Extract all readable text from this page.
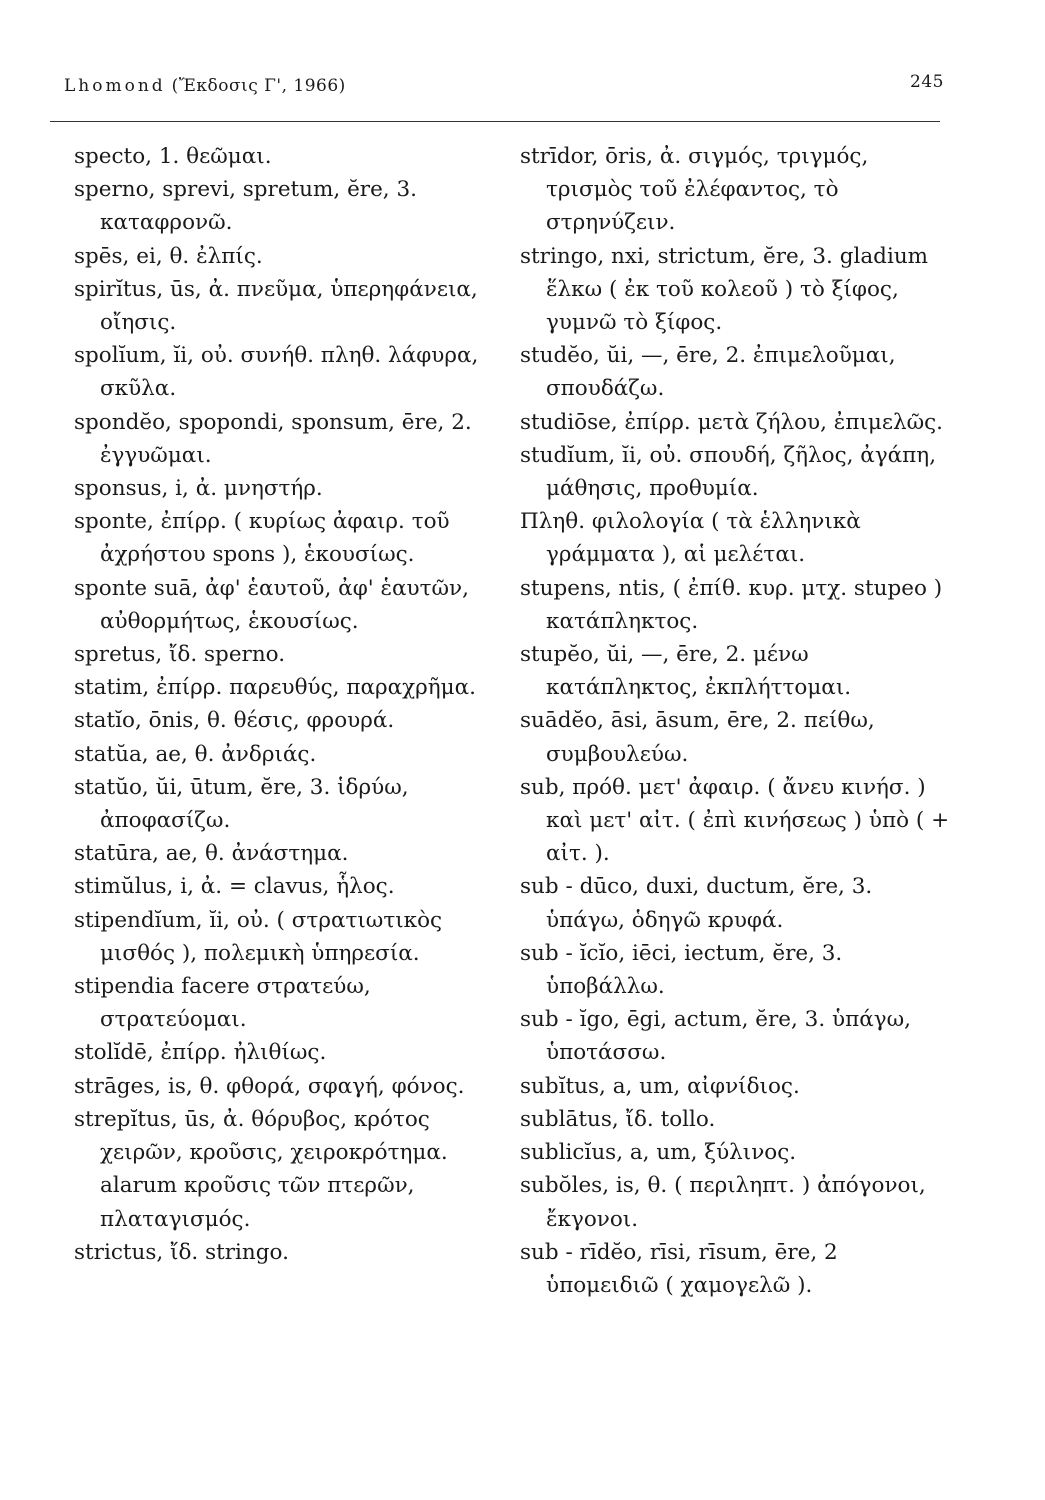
Lhomond (Ἔκδοσις Γ', 1966)	245

specto, 1. θεῶμαι.

sperno, sprevi, spretum, ĕre, 3. καταφρονῶ.

spēs, ei, θ. ἐλπίς.

spirĭtus, ūs, ἀ. πνεῦμα, ὑπερηφάνεια, οἴησις.

spolĭum, ĭi, οὐ. συνήθ. πληθ. λάφυρα, σκῦλα.

spondĕo, spopondi, sponsum, ēre, 2. ἐγγυῶμαι.

sponsus, i, ἀ. μνηστήρ.

sponte, ἐπίρρ. ( κυρίως ἀφαιρ. τοῦ ἀχρήστου spons ), ἑκουσίως.

sponte suā, ἀφ' ἑαυτοῦ, ἀφ' ἑαυτῶν, αὐθορμήτως, ἑκουσίως.

spretus, ἴδ. sperno.

statim, ἐπίρρ. παρευθύς, παραχρῆμα.

statĭo, ōnis, θ. θέσις, φρουρά.

statŭa, ae, θ. ἀνδριάς.

statŭo, ŭi, ūtum, ĕre, 3. ἱδρύω, ἀποφασίζω.

statūra, ae, θ. ἀνάστημα.

stimŭlus, i, ἀ. = clavus, ἧλος.

stipendĭum, ĭi, οὐ. ( στρατιωτικὸς μισθός ), πολεμικὴ ὑπηρεσία.

stipendia facere στρατεύω, στρατεύομαι.

stolĭdē, ἐπίρρ. ἠλιθίως.

strāges, is, θ. φθορά, σφαγή, φόνος.

strepĭtus, ūs, ἀ. θόρυβος, κρότος χειρῶν, κροῦσις, χειροκρότημα. alarum κροῦσις τῶν πτερῶν, πλαταγισμός.

strictus, ἴδ. stringo.

strīdor, ōris, ἀ. σιγμός, τριγμός, τρισμὸς τοῦ ἐλέφαντος, τὸ στρηνύζειν.

stringo, nxi, strictum, ĕre, 3. gladium ἕλκω ( ἐκ τοῦ κολεοῦ ) τὸ ξίφος, γυμνῶ τὸ ξίφος.

studĕo, ŭi, —, ēre, 2. ἐπιμελοῦμαι, σπουδάζω.

studiōse, ἐπίρρ. μετὰ ζήλου, ἐπιμελῶς.

studĭum, ĭi, οὐ. σπουδή, ζῆλος, ἀγάπη, μάθησις, προθυμία.

Πληθ. φιλολογία ( τὰ ἑλληνικὰ γράμματα ), αἱ μελέται.

stupens, ntis, ( ἐπίθ. κυρ. μτχ. stupeo ) κατάπληκτος.

stupĕo, ŭi, —, ēre, 2. μένω κατάπληκτος, ἐκπλήττομαι.

suādĕo, āsi, āsum, ēre, 2. πείθω, συμβουλεύω.

sub, πρόθ. μετ' ἀφαιρ. ( ἄνευ κινήσ. ) καὶ μετ' αἰτ. ( ἐπὶ κινήσεως ) ὑπὸ ( + αἰτ. ).

sub - dūco, duxi, ductum, ĕre, 3. ὑπάγω, ὁδηγῶ κρυφά.

sub - ĭcĭo, iēci, iectum, ĕre, 3. ὑποβάλλω.

sub - ĭgo, ēgi, actum, ĕre, 3. ὑπάγω, ὑποτάσσω.

subĭtus, a, um, αἰφνίδιος.

sublātus, ἴδ. tollo.

sublicĭus, a, um, ξύλινος.

subŏles, is, θ. ( περιληπτ. ) ἀπόγονοι, ἔκγονοι.

sub - rīdĕo, rīsi, rīsum, ēre, 2 ὑπομειδιῶ ( χαμογελῶ ).
